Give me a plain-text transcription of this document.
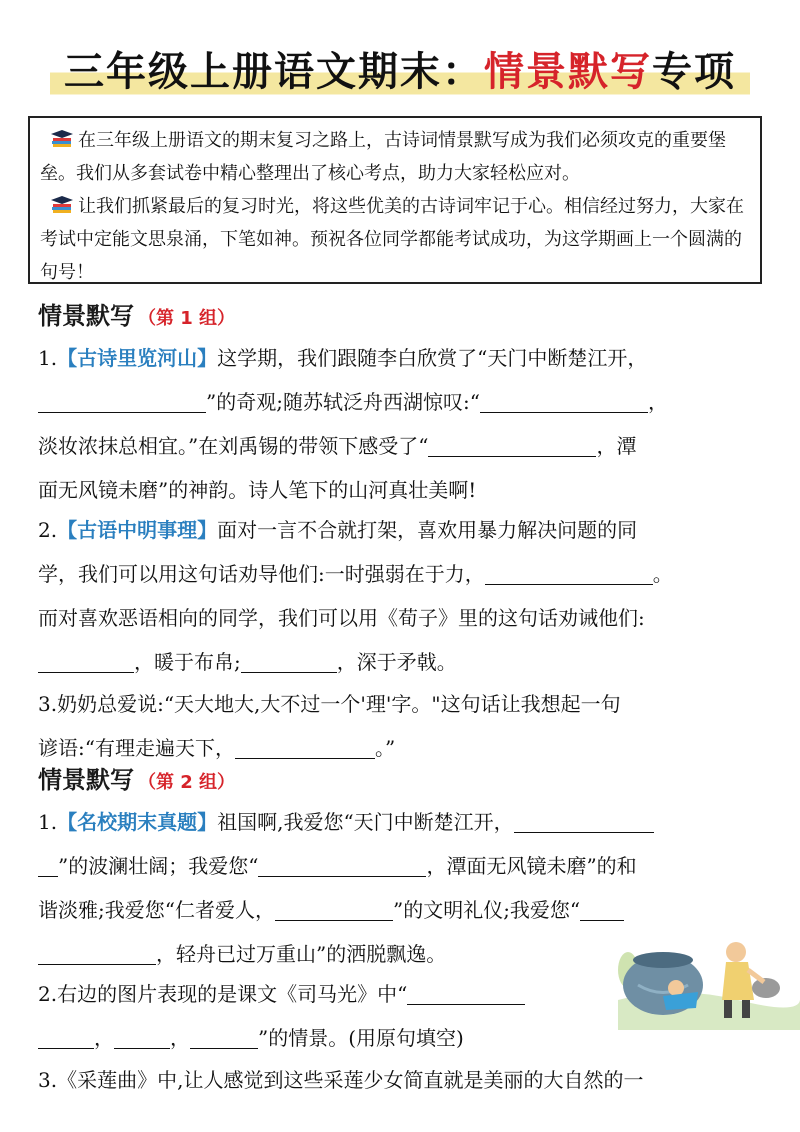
三年级上册语文期末：情景默写专项

在三年级上册语文的期末复习之路上，古诗词情景默写成为我们必须攻克的重要堡垒。我们从多套试卷中精心整理出了核心考点，助力大家轻松应对。

让我们抓紧最后的复习时光，将这些优美的古诗词牢记于心。相信经过努力，大家在考试中定能文思泉涌，下笔如神。预祝各位同学都能考试成功，为这学期画上一个圆满的句号！

情景默写 （第 1 组）
1.【古诗里览河山】这学期，我们跟随李白欣赏了“天门中断楚江开，
”的奇观;随苏轼泛舟西湖惊叹:“	，
淡妆浓抹总相宜。”在刘禹锡的带领下感受了“	，潭
面无风镜未磨”的神韵。诗人笔下的山河真壮美啊!
2.【古语中明事理】面对一言不合就打架，喜欢用暴力解决问题的同
学，我们可以用这句话劝导他们:一时强弱在于力，	。
而对喜欢恶语相向的同学，我们可以用《荀子》里的这句话劝诫他们:
，暖于布帛;	，深于矛戟。
3.奶奶总爱说:“天大地大,大不过一个'理'字。"这句话让我想起一句
谚语:“有理走遍天下，	。”
情景默写 （第 2 组）
1.【名校期末真题】祖国啊,我爱您“天门中断楚江开，
”的波澜壮阔；我爱您“	，潭面无风镜未磨”的和
谐淡雅;我爱您“仁者爱人，	”的文明礼仪;我爱您“
，轻舟已过万重山”的洒脱飘逸。
2.右边的图片表现的是课文《司马光》中“
，	，	”的情景。(用原句填空)
3.《采莲曲》中,让人感觉到这些采莲少女简直就是美丽的大自然的一
